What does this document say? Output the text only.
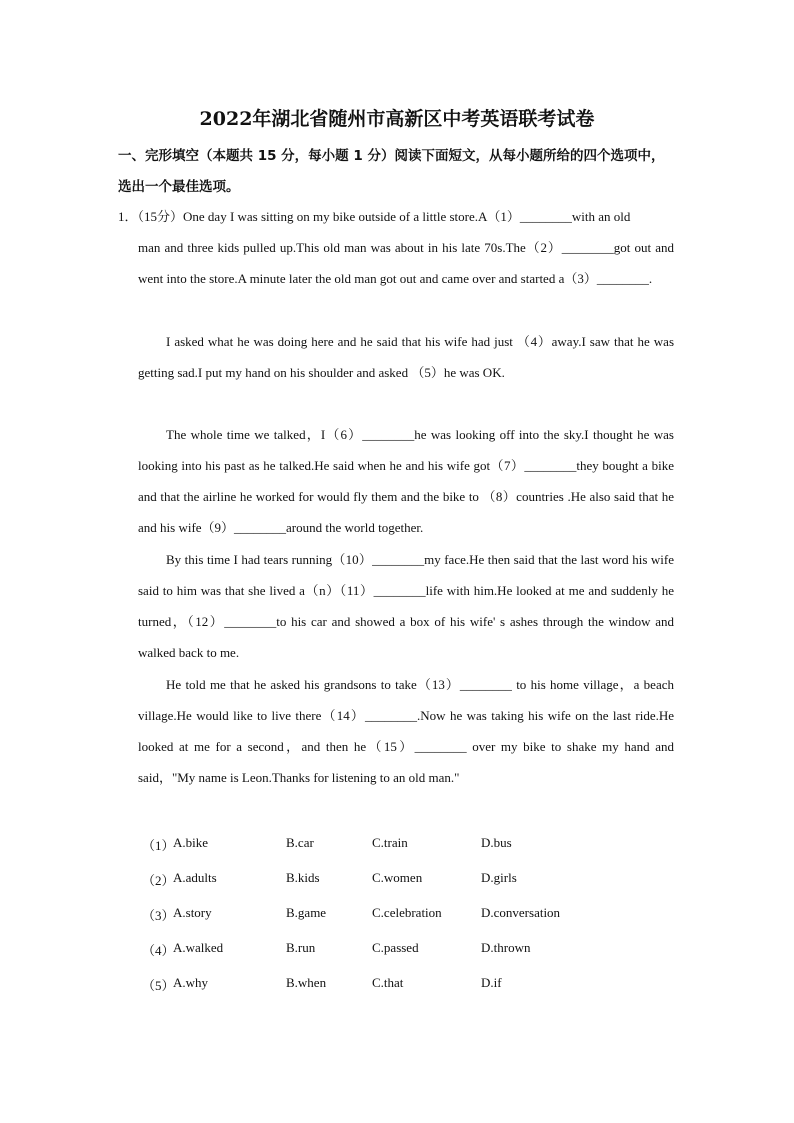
2022年湖北省随州市高新区中考英语联考试卷
一、完形填空（本题共 15 分，每小题 1 分）阅读下面短文，从每小题所给的四个选项中，
选出一个最佳选项。
1．（15分）One day I was sitting on my bike outside of a little store.A（1）________with an old
man and three kids pulled up.This old man was about in his late 70s.The（2）________got out and went into the store.A minute later the old man got out and came over and started a（3）________.
I asked what he was doing here and he said that his wife had just （4）away.I saw that he was getting sad.I put my hand on his shoulder and asked （5）he was OK.
The whole time we talked，I（6）________he was looking off into the sky.I thought he was looking into his past as he talked.He said when he and his wife got（7）________they bought a bike and that the airline he worked for would fly them and the bike to （8）countries .He also said that he and his wife（9）________around the world together.
By this time I had tears running（10）________my face.He then said that the last word his wife said to him was that she lived a（n）（11）________life with him.He looked at me and suddenly he turned，（12）________to his car and showed a box of his wife' s ashes through the window and walked back to me.
He told me that he asked his grandsons to take（13）________ to his home village，a beach village.He would like to live there（14）________.Now he was taking his wife on the last ride.He looked at me for a second，and then he（15）________ over my bike to shake my hand and said，"My name is Leon.Thanks for listening to an old man."
（1）
A.bike	B.car	C.train	D.bus
（2）
A.adults	B.kids	C.women	D.girls
（3）
A.story	B.game	C.celebration	D.conversation
（4）
A.walked	B.run	C.passed	D.thrown
（5）
A.why	B.when	C.that	D.if
